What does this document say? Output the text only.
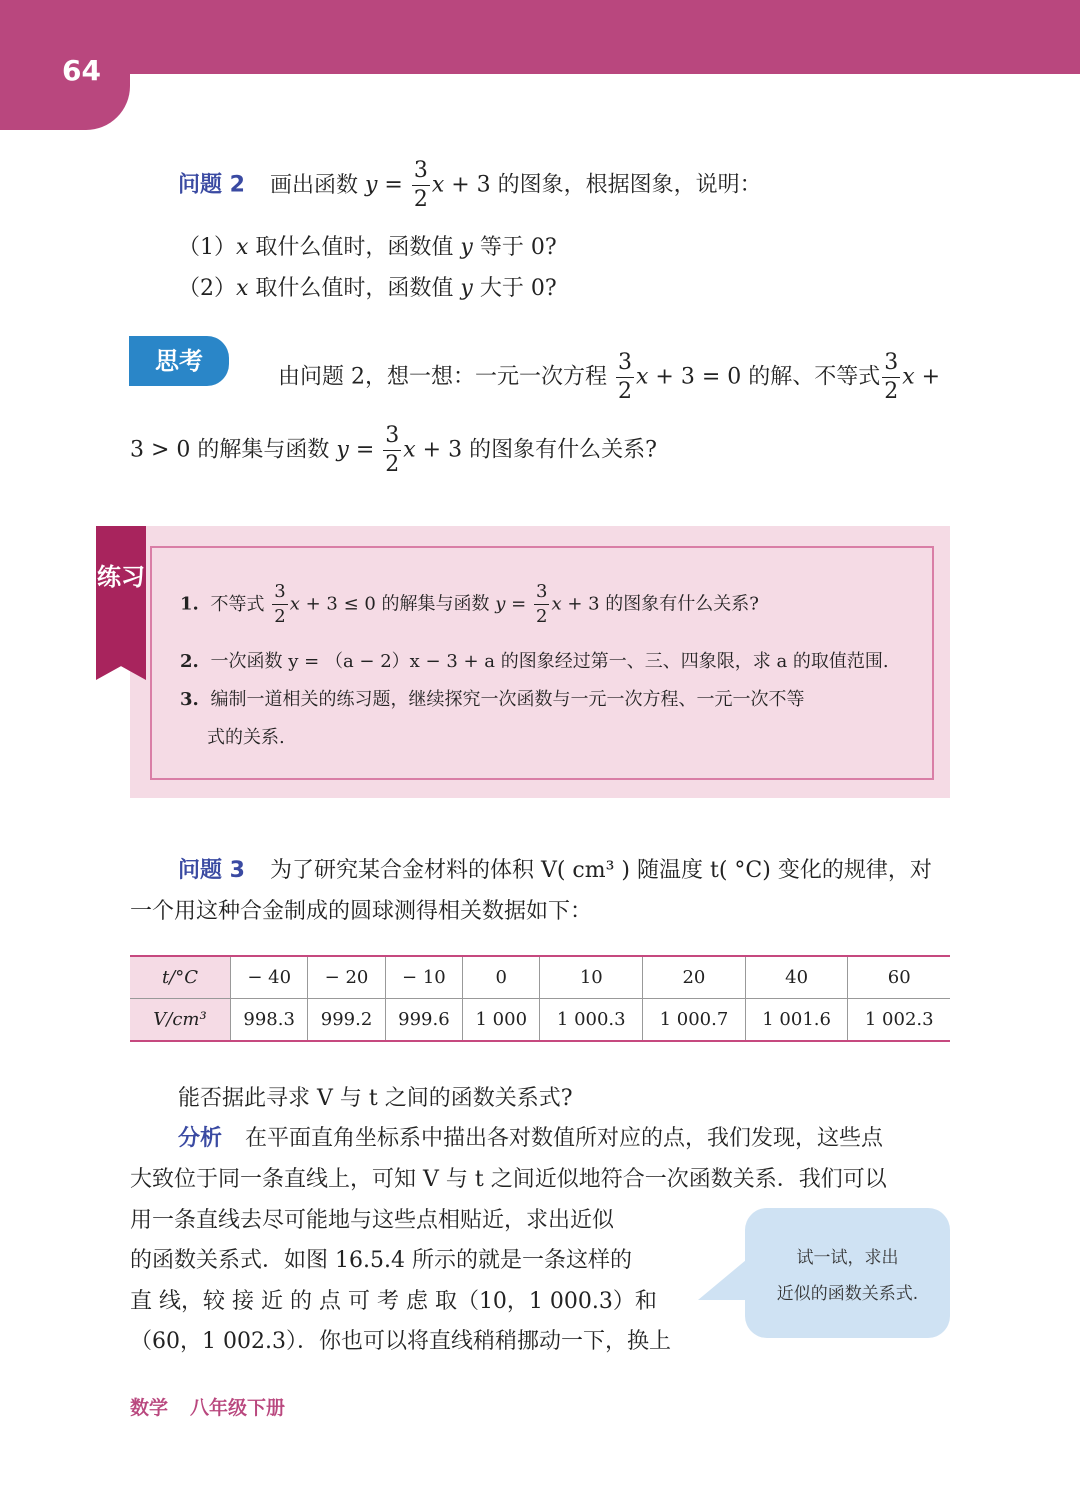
64
问题 2 画出函数 $y = \frac{3}{2}$ x + 3 的图象，根据图象，说明：
（1）x 取什么值时，函数值 y 等于 0?
（2）x 取什么值时，函数值 y 大于 0?
思考
由问题 2，想一想：一元一次方程 $\frac{3}{2}$ x + 3 = 0 的解、不等式 $\frac{3}{2}$ x +
3 > 0 的解集与函数 $y = \frac{3}{2}$ x + 3 的图象有什么关系?
练习
1. 不等式 $\frac{3}{2}$ x + 3 ≤ 0 的解集与函数 $y = \frac{3}{2}$ x + 3 的图象有什么关系?
2. 一次函数 y = （a − 2）x − 3 + a 的图象经过第一、三、四象限，求 a 的取值范围.
3. 编制一道相关的练习题，继续探究一次函数与一元一次方程、一元一次不等
式的关系.
问题 3 为了研究某合金材料的体积 V( cm³ ) 随温度 t( °C) 变化的规律，对
一个用这种合金制成的圆球测得相关数据如下：
t/°C	− 40	− 20	− 10	0	10	20	40	60
V/cm³	998.3	999.2	999.6	1 000	1 000.3	1 000.7	1 001.6	1 002.3
能否据此寻求 V 与 t 之间的函数关系式?
分析 在平面直角坐标系中描出各对数值所对应的点，我们发现，这些点
大致位于同一条直线上，可知 V 与 t 之间近似地符合一次函数关系．我们可以
用一条直线去尽可能地与这些点相贴近，求出近似
的函数关系式．如图 16.5.4 所示的就是一条这样的
直 线，较 接 近 的 点 可 考 虑 取（10，1 000.3）和
（60，1 002.3）．你也可以将直线稍稍挪动一下，换上
试一试，求出
近似的函数关系式.
数学 八年级下册
